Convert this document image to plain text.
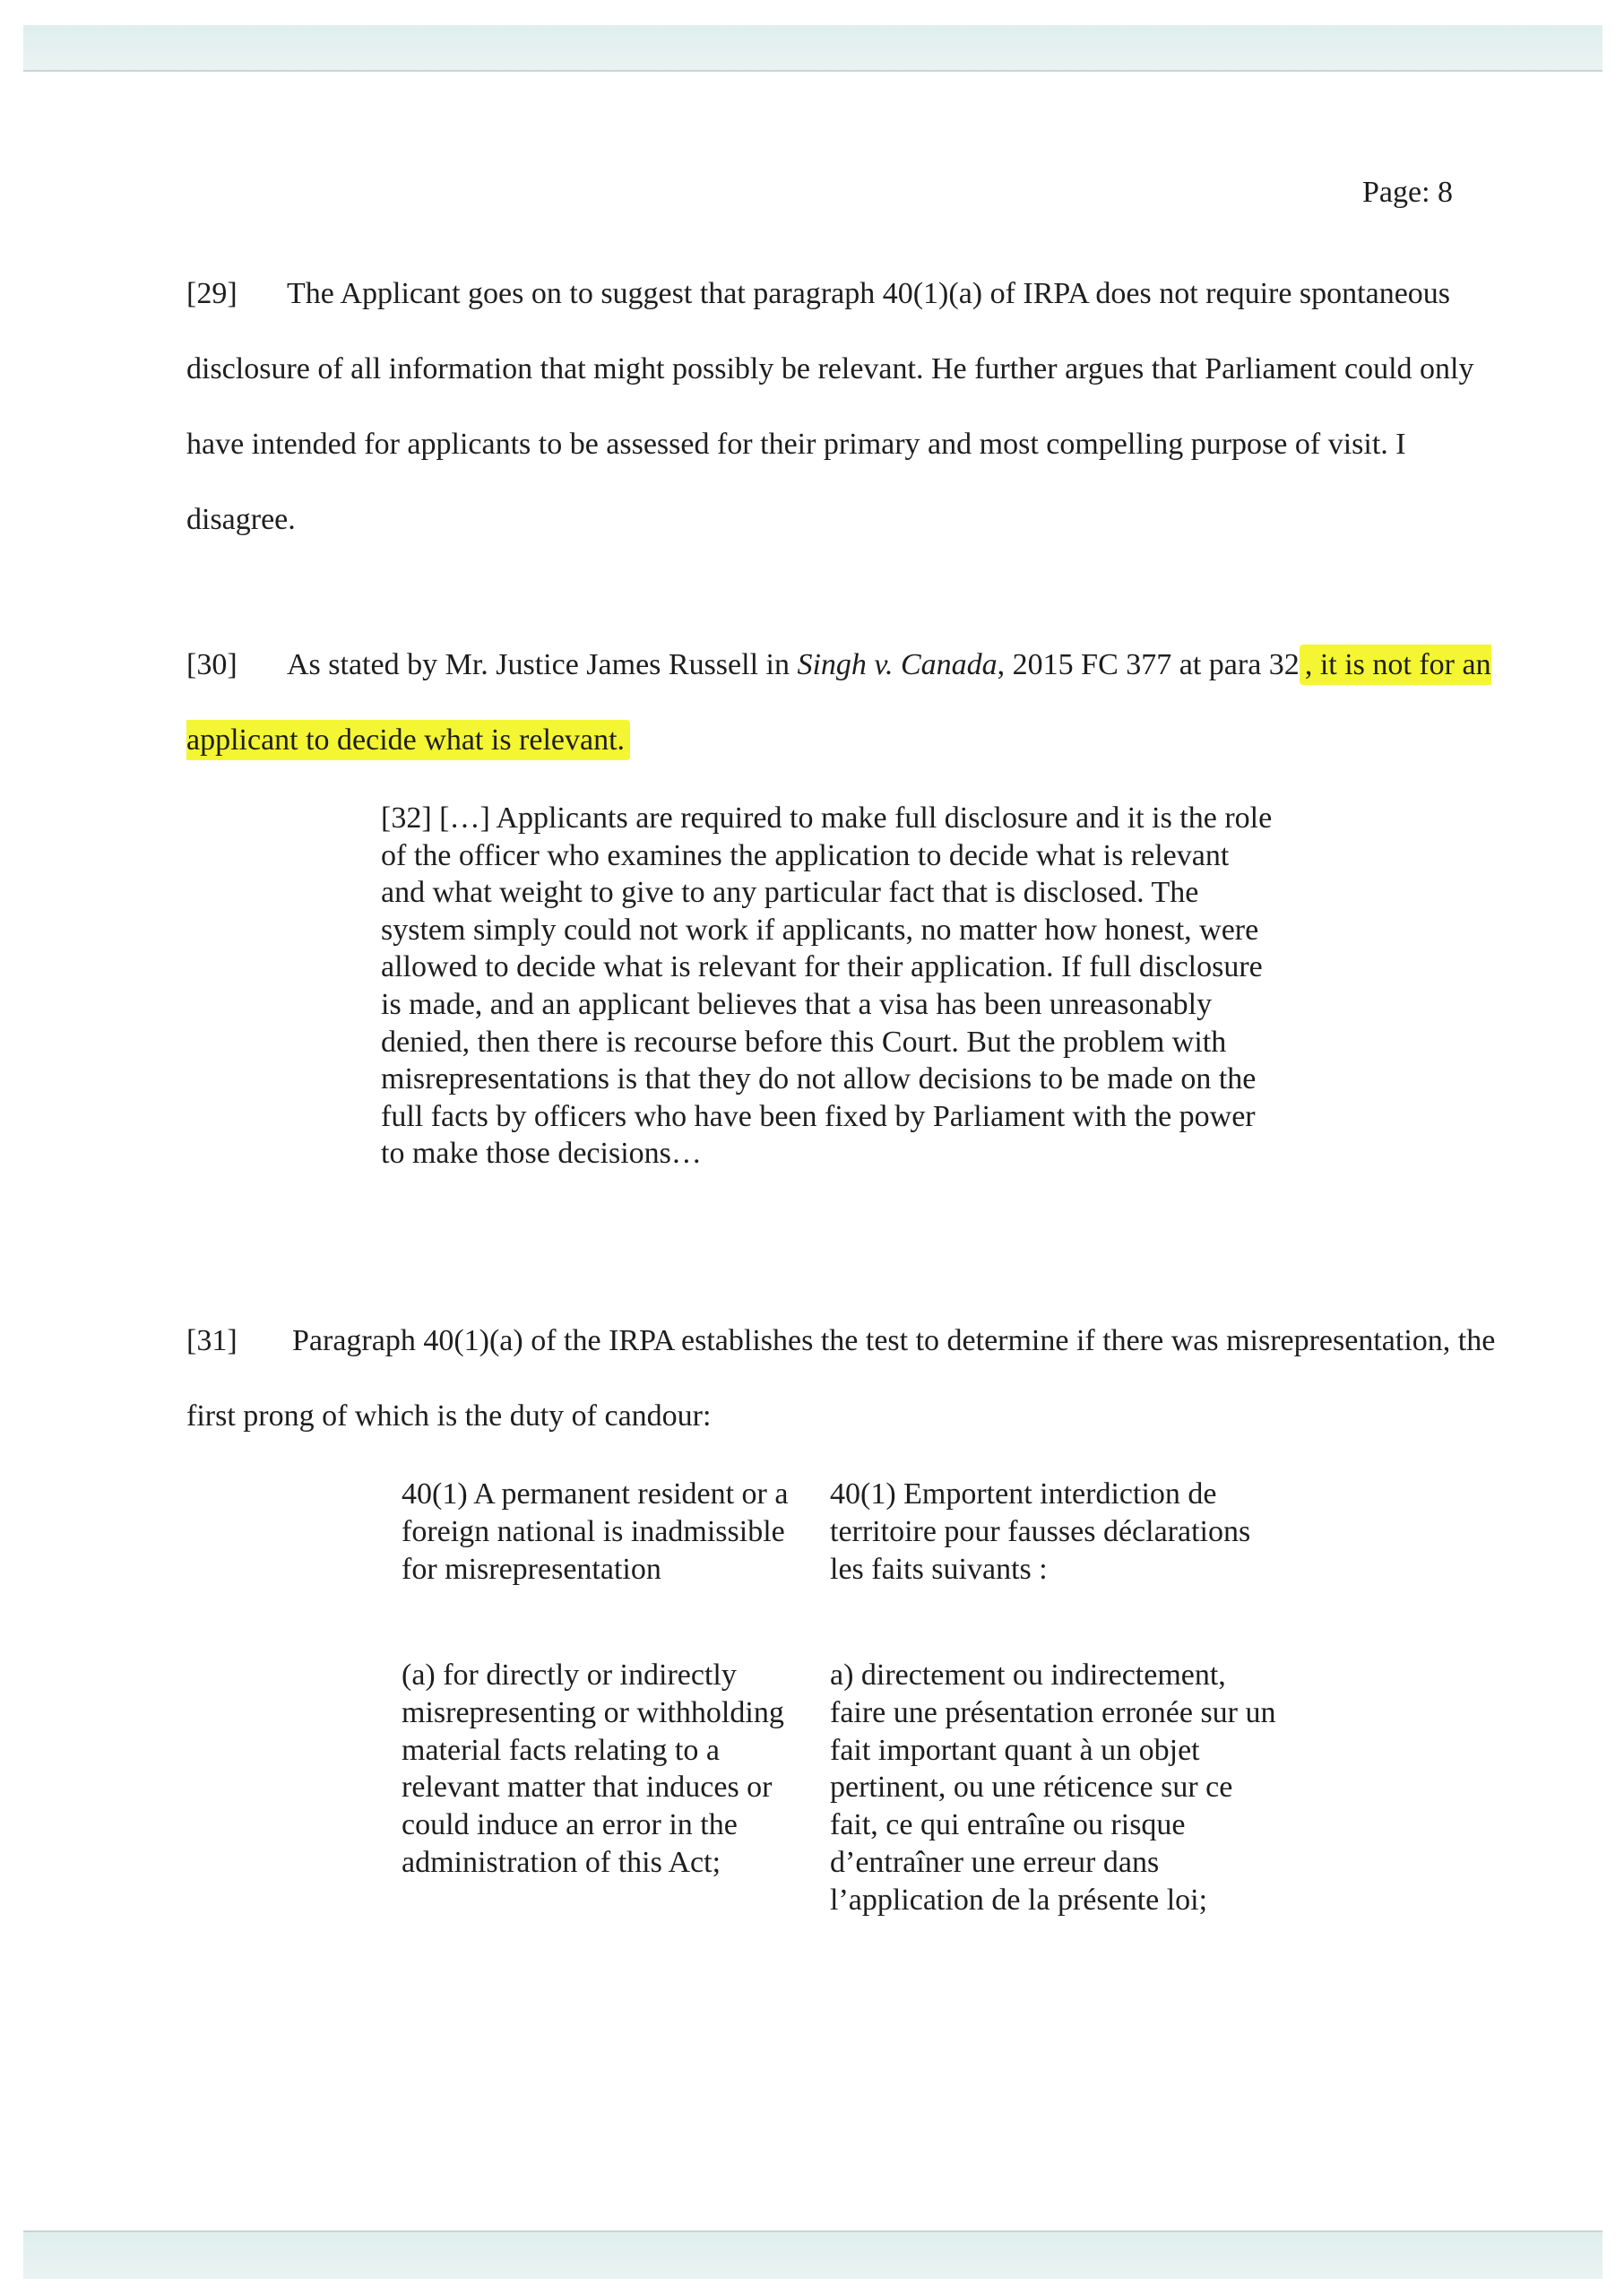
Page: 8

[29] The Applicant goes on to suggest that paragraph 40(1)(a) of IRPA does not require spontaneous disclosure of all information that might possibly be relevant. He further argues that Parliament could only have intended for applicants to be assessed for their primary and most compelling purpose of visit. I disagree.

[30] As stated by Mr. Justice James Russell in Singh v. Canada, 2015 FC 377 at para 32 , it is not for an applicant to decide what is relevant.

[32] […] Applicants are required to make full disclosure and it is the role of the officer who examines the application to decide what is relevant and what weight to give to any particular fact that is disclosed. The system simply could not work if applicants, no matter how honest, were allowed to decide what is relevant for their application. If full disclosure is made, and an applicant believes that a visa has been unreasonably denied, then there is recourse before this Court. But the problem with misrepresentations is that they do not allow decisions to be made on the full facts by officers who have been fixed by Parliament with the power to make those decisions…

[31] Paragraph 40(1)(a) of the IRPA establishes the test to determine if there was misrepresentation, the first prong of which is the duty of candour:

40(1) A permanent resident or a foreign national is inadmissible for misrepresentation
40(1) Emportent interdiction de territoire pour fausses déclarations les faits suivants :
(a) for directly or indirectly misrepresenting or withholding material facts relating to a relevant matter that induces or could induce an error in the administration of this Act;
a) directement ou indirectement, faire une présentation erronée sur un fait important quant à un objet pertinent, ou une réticence sur ce fait, ce qui entraîne ou risque d’entraîner une erreur dans l’application de la présente loi;
